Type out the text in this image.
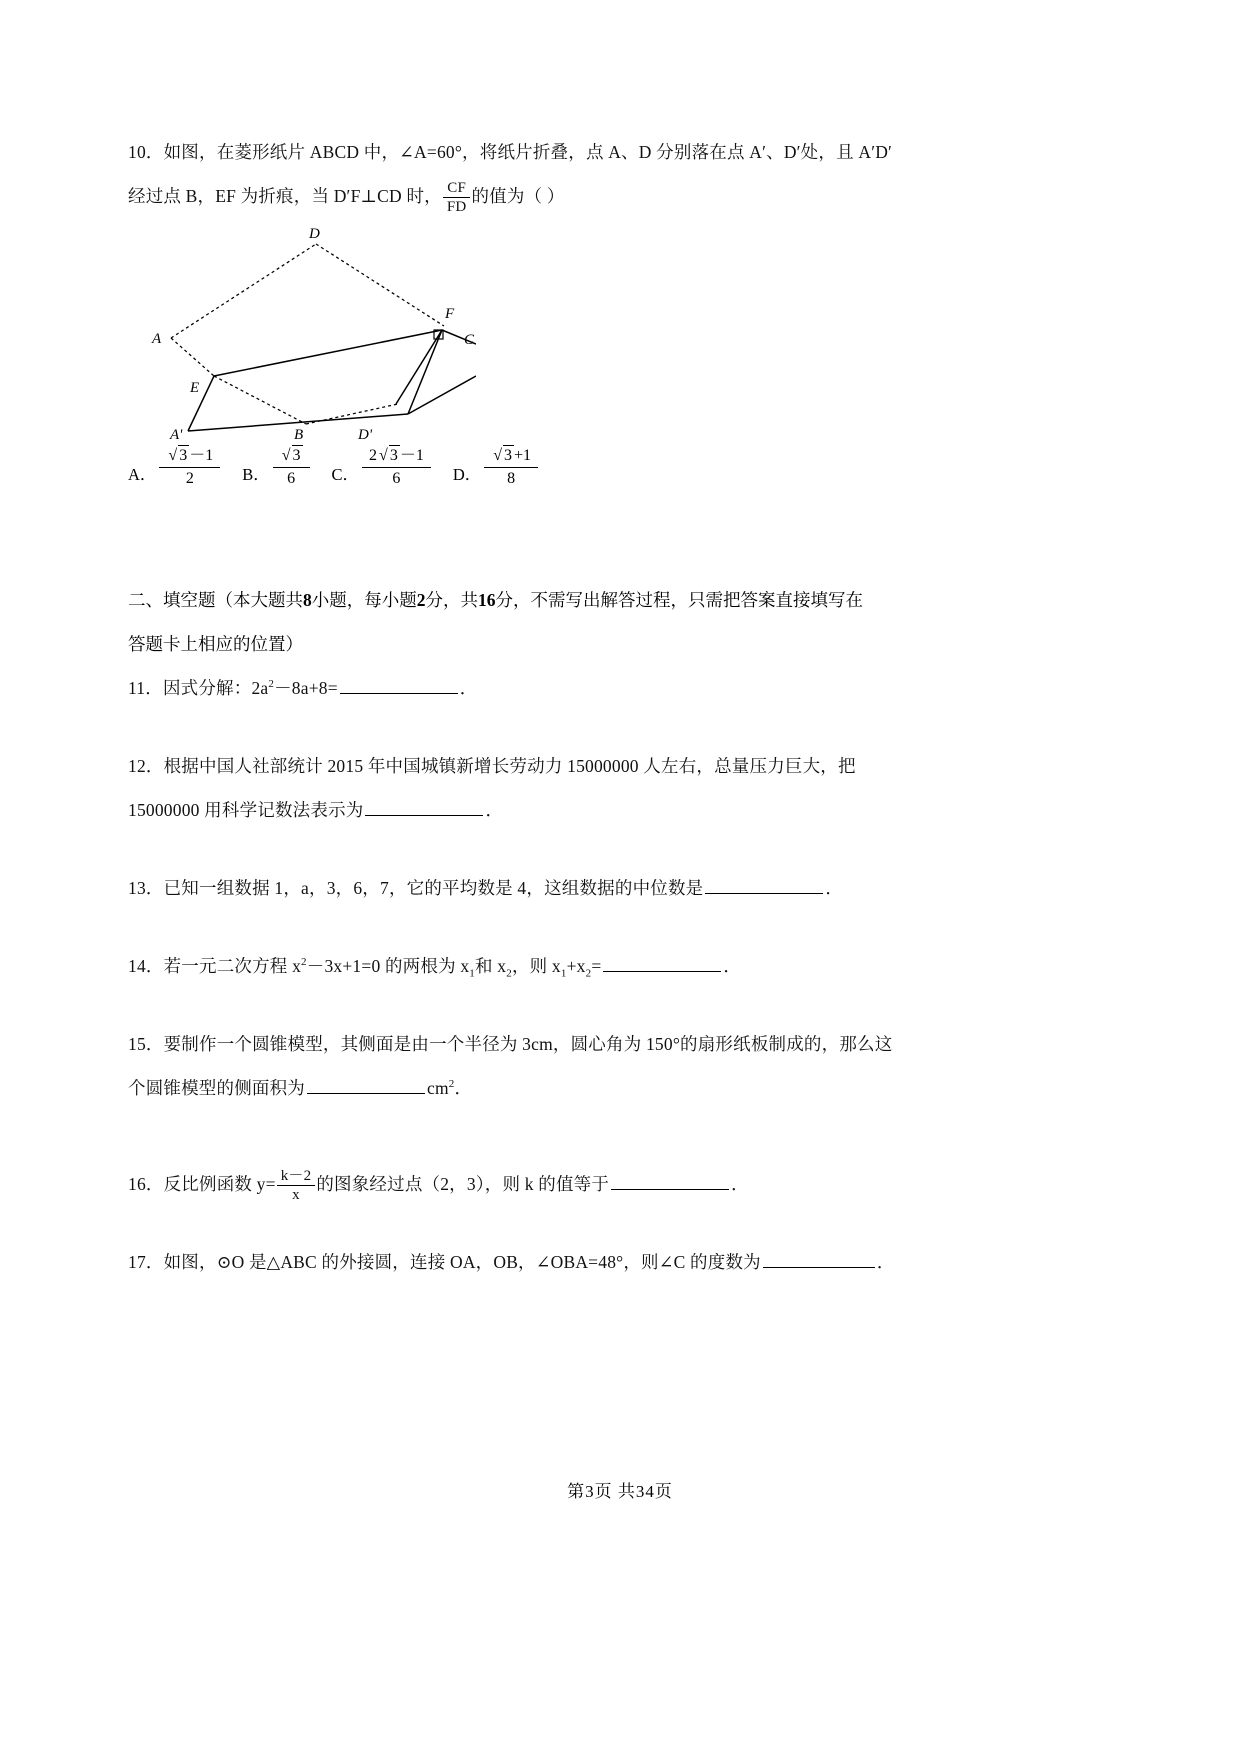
10．如图，在菱形纸片 ABCD 中，∠A=60°，将纸片折叠，点 A、D 分别落在点 A′、D′处，且 A′D′
经过点 B，EF 为折痕，当 D′F⊥CD 时， $\frac{CF}{FD}$ 的值为（ ）
D
F
C
A
E
A'	B	D'
A． $\frac{√ 3 -1}{2}$ B． $\frac{√ 3}{6}$ C． $\frac{2 √ 3 -1}{6}$ D． $\frac{√ 3 +1}{8}$
二、填空题（本大题共8小题，每小题2分，共16分，不需写出解答过程，只需把答案直接填写在
答题卡上相应的位置）
11．因式分解：$2a^2-8a+8=$	．
12．根据中国人社部统计 2015 年中国城镇新增长劳动力 15000000 人左右，总量压力巨大，把
15000000 用科学记数法表示为	．
13．已知一组数据 1，a，3，6，7，它的平均数是 4，这组数据的中位数是	．
14．若一元二次方程 $x^2-3x+1=0$ 的两根为 $x_1$和 $x_2$，则 $x_1+x_2=$	．
15．要制作一个圆锥模型，其侧面是由一个半径为 3cm，圆心角为 150°的扇形纸板制成的，那么这
个圆锥模型的侧面积为	$cm^2$．
16．反比例函数 $y= \frac{k-2}{x}$ 的图象经过点（2，3），则 k 的值等于	．
17．如图，⊙O 是△ABC 的外接圆，连接 OA，OB，∠OBA=48°，则∠C 的度数为	．
第3页 共34页
